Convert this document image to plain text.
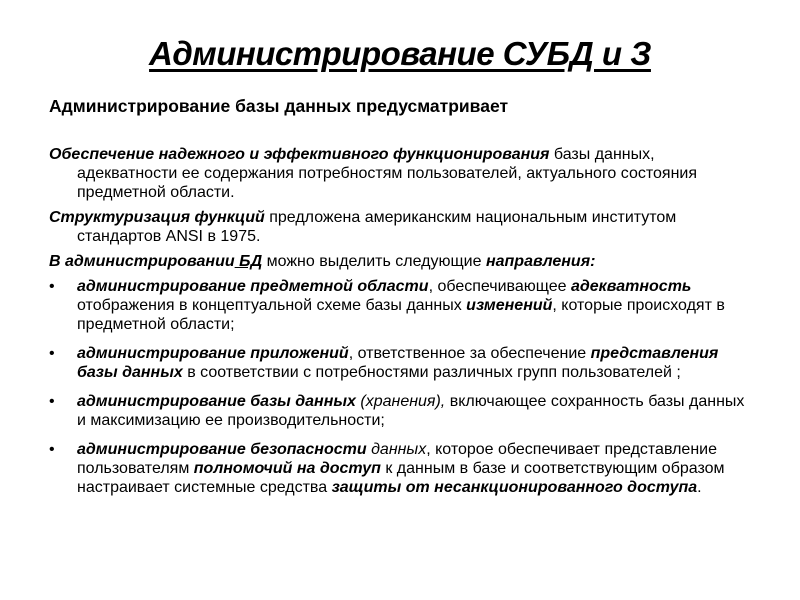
Администрирование СУБД и З
Администрирование базы данных предусматривает

Обеспечение надежного и эффективного функционирования базы данных, адекватности ее содержания потребностям пользователей, актуального состояния предметной области.

Структуризация функций предложена американским национальным институтом стандартов ANSI в 1975.

В администрировании БД можно выделить следующие направления:

•	администрирование предметной области, обеспечивающее адекватность отображения в концептуальной схеме базы данных изменений, которые происходят в предметной области;
•	администрирование приложений, ответственное за обеспечение представления базы данных в соответствии с потребностями различных групп пользователей ;
•	администрирование базы данных (хранения), включающее сохранность базы данных и максимизацию ее производительности;
•	администрирование безопасности данных, которое обеспечивает представление пользователям полномочий на доступ к данным в базе и соответствующим образом настраивает системные средства защиты от несанкционированного доступа.
